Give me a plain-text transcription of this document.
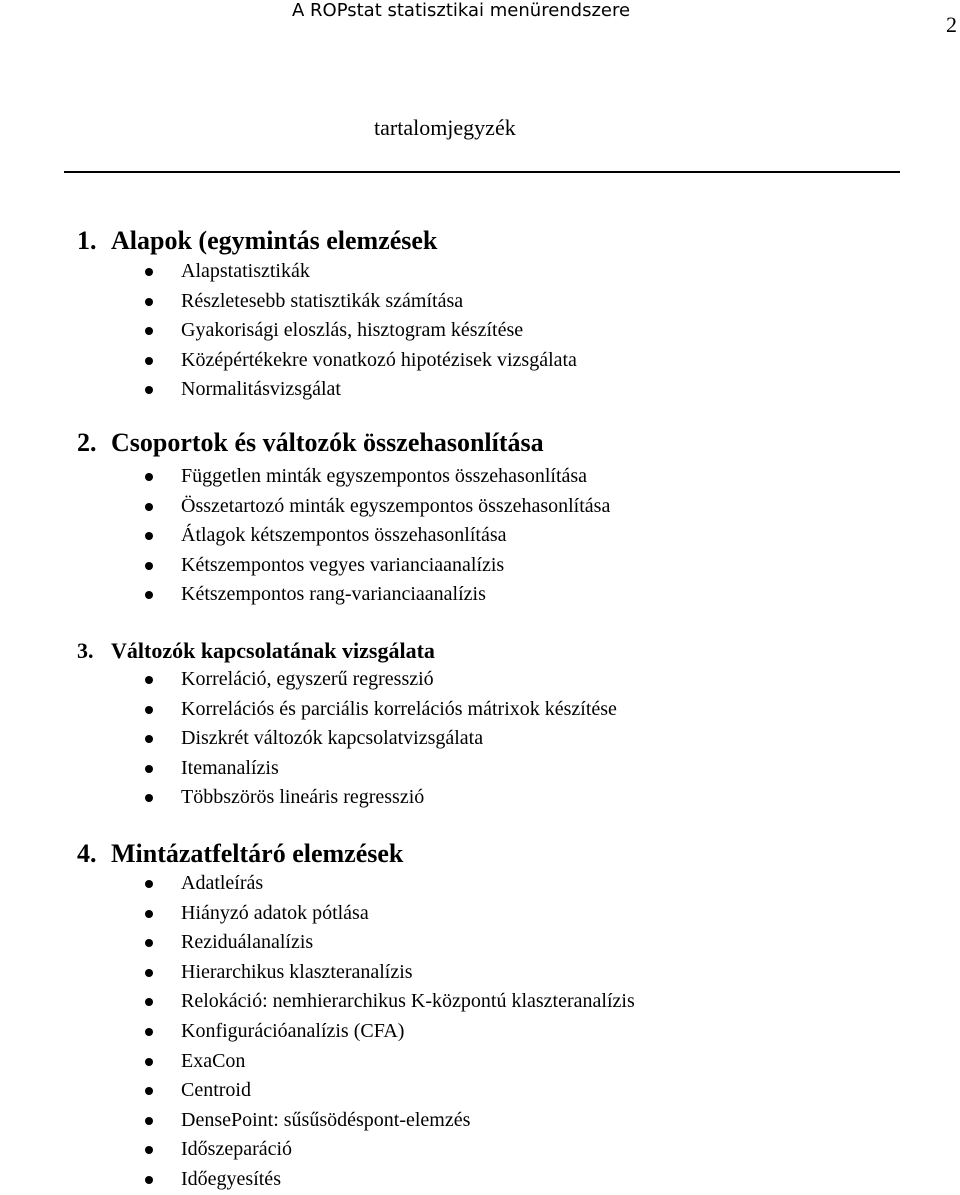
A ROPstat statisztikai menürendszere
2
tartalomjegyzék
1. Alapok (egymintás elemzések
Alapstatisztikák
Részletesebb statisztikák számítása
Gyakorisági eloszlás, hisztogram készítése
Középértékekre vonatkozó hipotézisek vizsgálata
Normalitásvizsgálat
2. Csoportok és változók összehasonlítása
Független minták egyszempontos összehasonlítása
Összetartozó minták egyszempontos összehasonlítása
Átlagok kétszempontos összehasonlítása
Kétszempontos vegyes varianciaanalízis
Kétszempontos rang-varianciaanalízis
3. Változók kapcsolatának vizsgálata
Korreláció, egyszerű regresszió
Korrelációs és parciális korrelációs mátrixok készítése
Diszkrét változók kapcsolatvizsgálata
Itemanalízis
Többszörös lineáris regresszió
4. Mintázatfeltáró elemzések
Adatleírás
Hiányzó adatok pótlása
Reziduálanalízis
Hierarchikus klaszteranalízis
Relokáció: nemhierarchikus K-központú klaszteranalízis
Konfigurációanalízis (CFA)
ExaCon
Centroid
DensePoint: sűsűsödéspont-elemzés
Időszeparáció
Időegyesítés
